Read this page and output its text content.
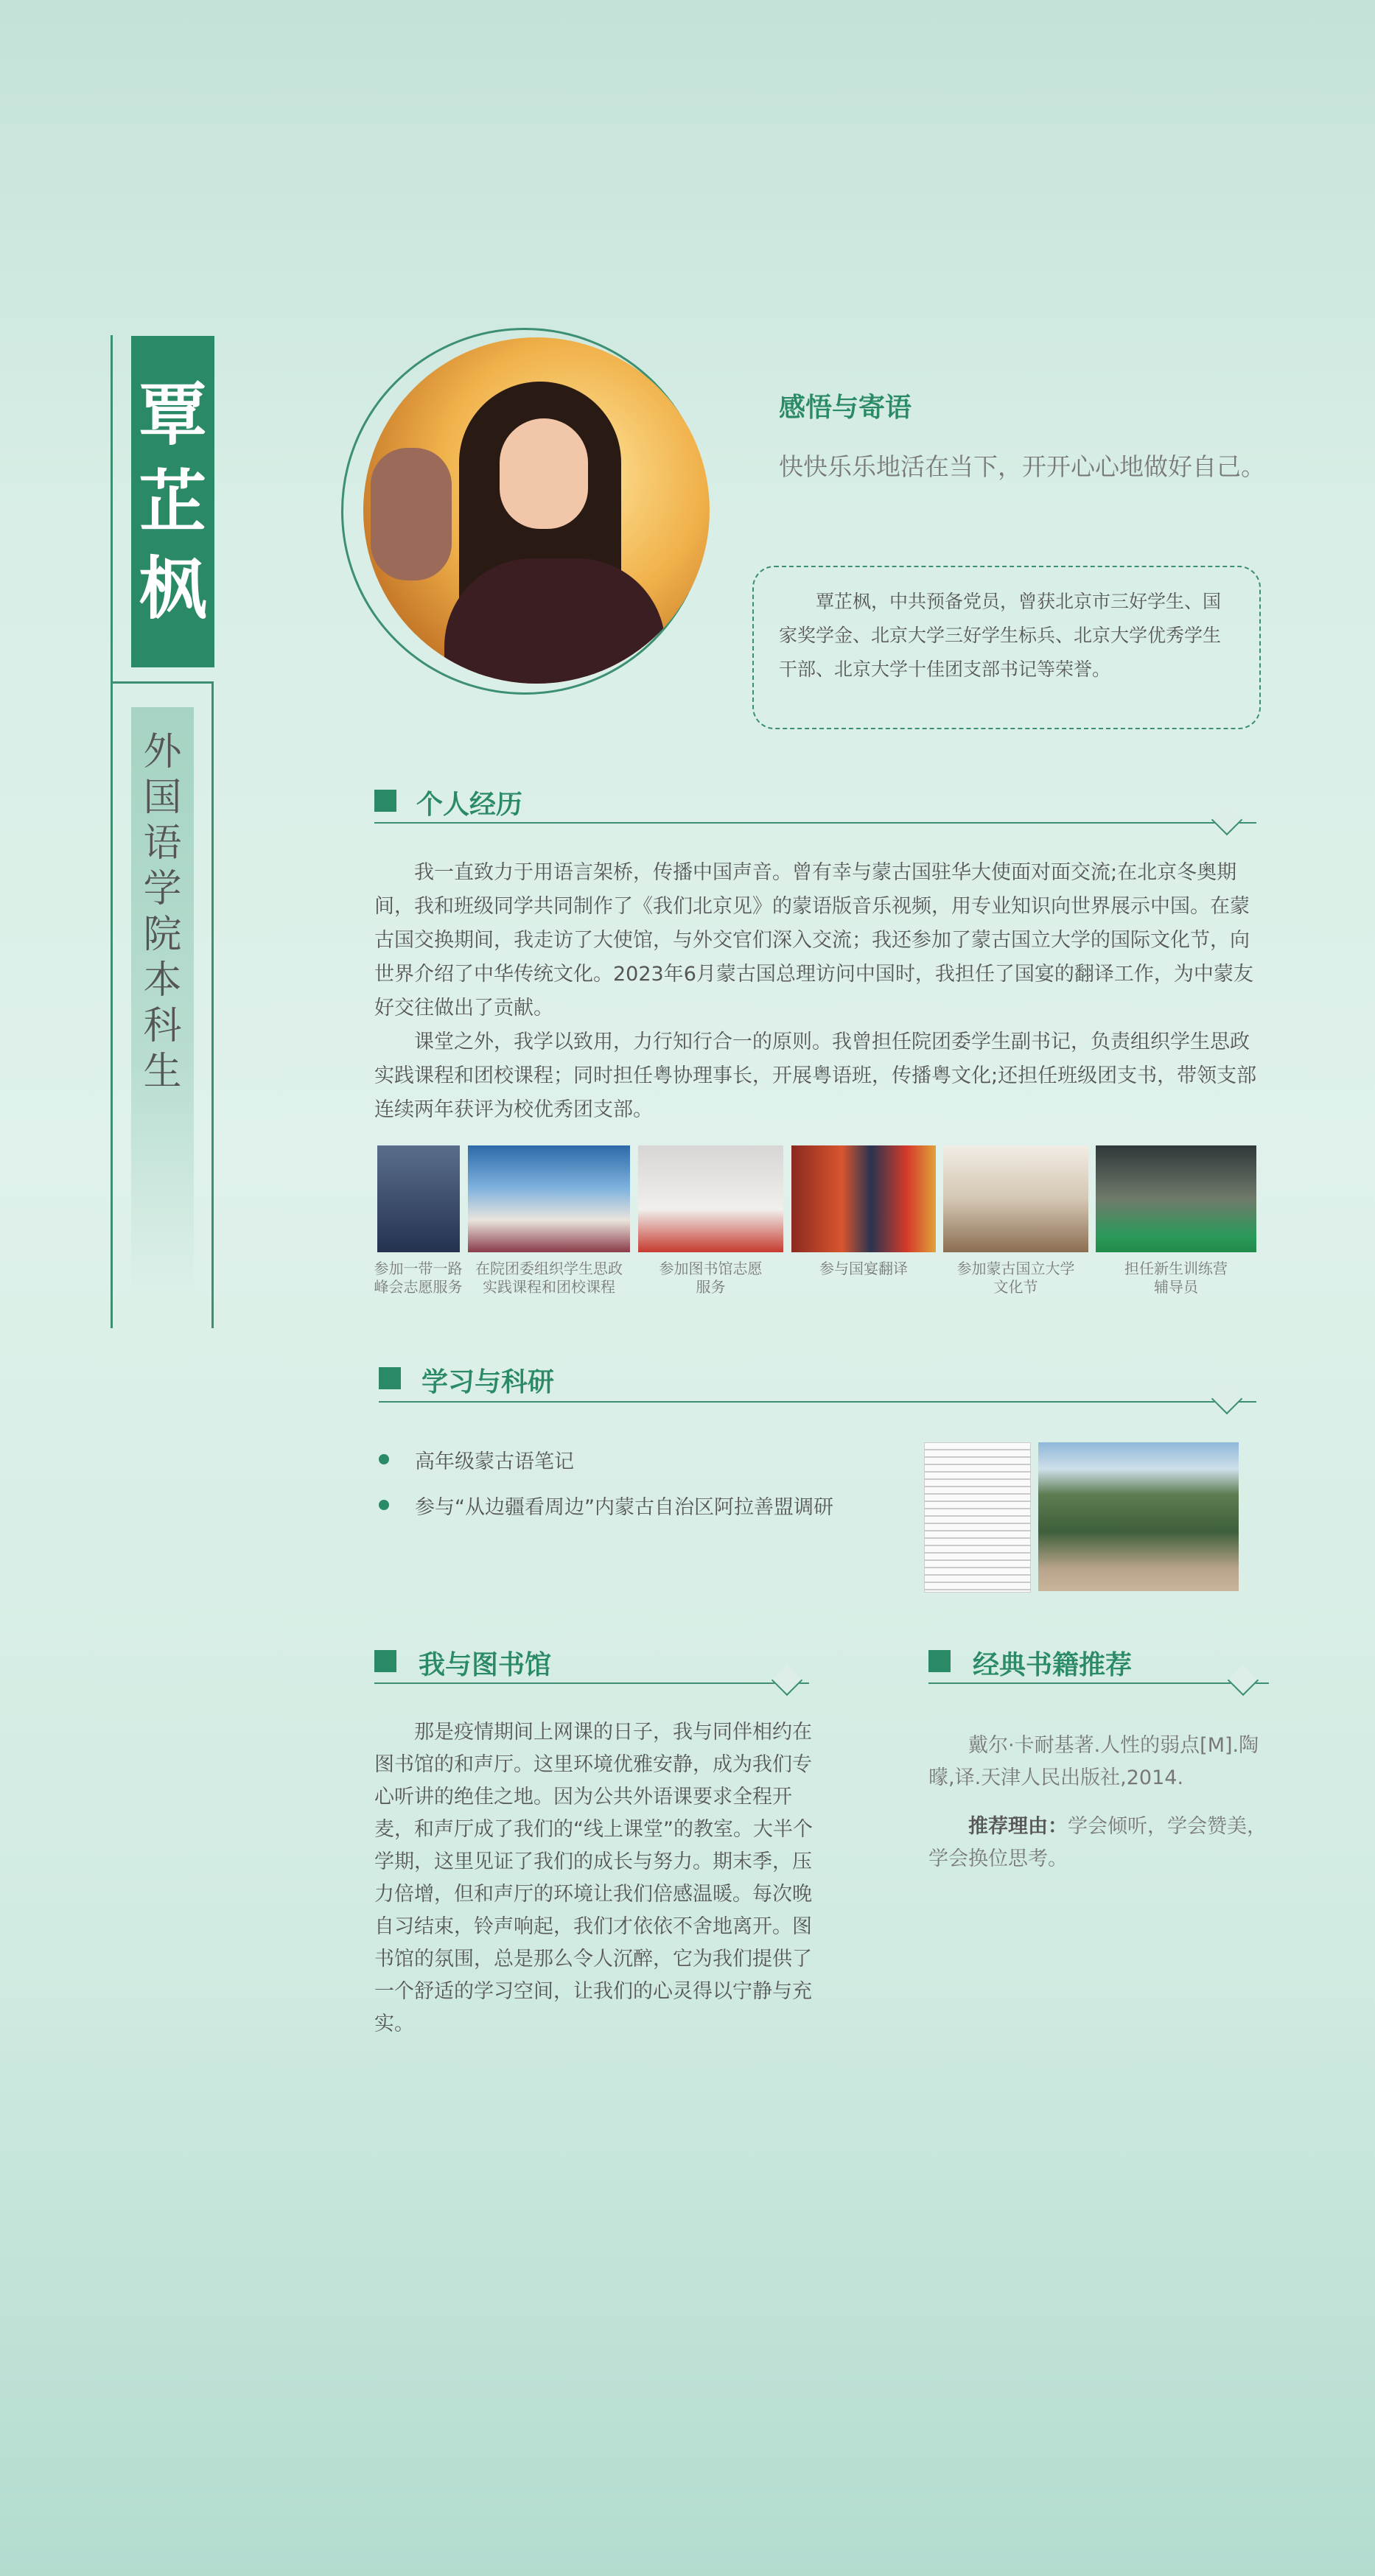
覃
芷
枫
外
国
语
学
院
本
科
生
感悟与寄语
快快乐乐地活在当下，开开心心地做好自己。
覃芷枫，中共预备党员，曾获北京市三好学生、国家奖学金、北京大学三好学生标兵、北京大学优秀学生干部、北京大学十佳团支部书记等荣誉。
个人经历

我一直致力于用语言架桥，传播中国声音。曾有幸与蒙古国驻华大使面对面交流;在北京冬奥期间，我和班级同学共同制作了《我们北京见》的蒙语版音乐视频，用专业知识向世界展示中国。在蒙古国交换期间，我走访了大使馆，与外交官们深入交流；我还参加了蒙古国立大学的国际文化节，向世界介绍了中华传统文化。2023年6月蒙古国总理访问中国时，我担任了国宴的翻译工作，为中蒙友好交往做出了贡献。

课堂之外，我学以致用，力行知行合一的原则。我曾担任院团委学生副书记，负责组织学生思政实践课程和团校课程；同时担任粤协理事长，开展粤语班，传播粤文化;还担任班级团支书，带领支部连续两年获评为校优秀团支部。

参加一带一路
峰会志愿服务
在院团委组织学生思政
实践课程和团校课程
参加图书馆志愿
服务
参与国宴翻译	参加蒙古国立大学
文化节
担任新生训练营
辅导员
学习与科研
高年级蒙古语笔记
参与“从边疆看周边”内蒙古自治区阿拉善盟调研
我与图书馆
那是疫情期间上网课的日子，我与同伴相约在图书馆的和声厅。这里环境优雅安静，成为我们专心听讲的绝佳之地。因为公共外语课要求全程开麦，和声厅成了我们的“线上课堂”的教室。大半个学期，这里见证了我们的成长与努力。期末季，压力倍增，但和声厅的环境让我们倍感温暖。每次晚自习结束，铃声响起，我们才依依不舍地离开。图书馆的氛围，总是那么令人沉醉，它为我们提供了一个舒适的学习空间，让我们的心灵得以宁静与充实。
经典书籍推荐
戴尔·卡耐基著.人性的弱点[M].陶曚,译.天津人民出版社,2014.
推荐理由：学会倾听，学会赞美，学会换位思考。
